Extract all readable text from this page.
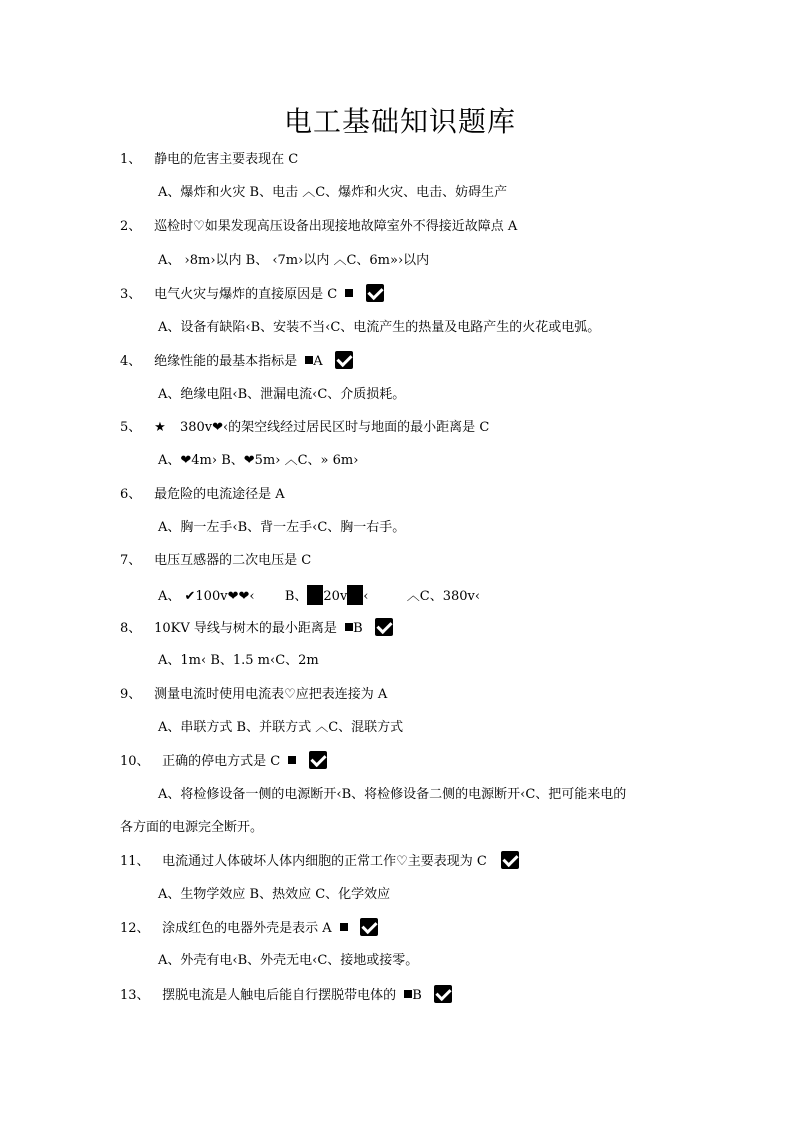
电工基础知识题库
1、 静电的危害主要表现在 C
A、爆炸和火灾 B、电击 ︿C、爆炸和火灾、电击、妨碍生产
2、 巡检时♡如果发现高压设备出现接地故障室外不得接近故障点 A
A、 ›8m›以内 B、 ‹7m›以内 ︿C、6m»›以内
3、 电气火灾与爆炸的直接原因是 C
A、设备有缺陷‹B、安装不当‹C、电流产生的热量及电路产生的火花或电弧。
4、 绝缘性能的最基本指标是 A
A、绝缘电阻‹B、泄漏电流‹C、介质损耗。
5、 ★ 380v❤‹的架空线经过居民区时与地面的最小距离是 C
A、❤4m› B、❤5m› ︿C、» 6m›
6、 最危险的电流途径是 A
A、胸一左手‹B、背一左手‹C、胸一右手。
7、 电压互感器的二次电压是 C
A、 ✔100v❤❤‹ B、 20v ‹	︿C、380v‹
8、 10KV 导线与树木的最小距离是 B
A、1m‹ B、1.5 m‹C、2m
9、 测量电流时使用电流表♡应把表连接为 A
A、串联方式 B、并联方式 ︿C、混联方式
10、 正确的停电方式是 C
A、将检修设备一侧的电源断开‹B、将检修设备二侧的电源断开‹C、把可能来电的
各方面的电源完全断开。
11、 电流通过人体破坏人体内细胞的正常工作♡主要表现为 C
A、生物学效应 B、热效应 C、化学效应
12、 涂成红色的电器外壳是表示 A
A、外壳有电‹B、外壳无电‹C、接地或接零。
13、 摆脱电流是人触电后能自行摆脱带电体的 B
